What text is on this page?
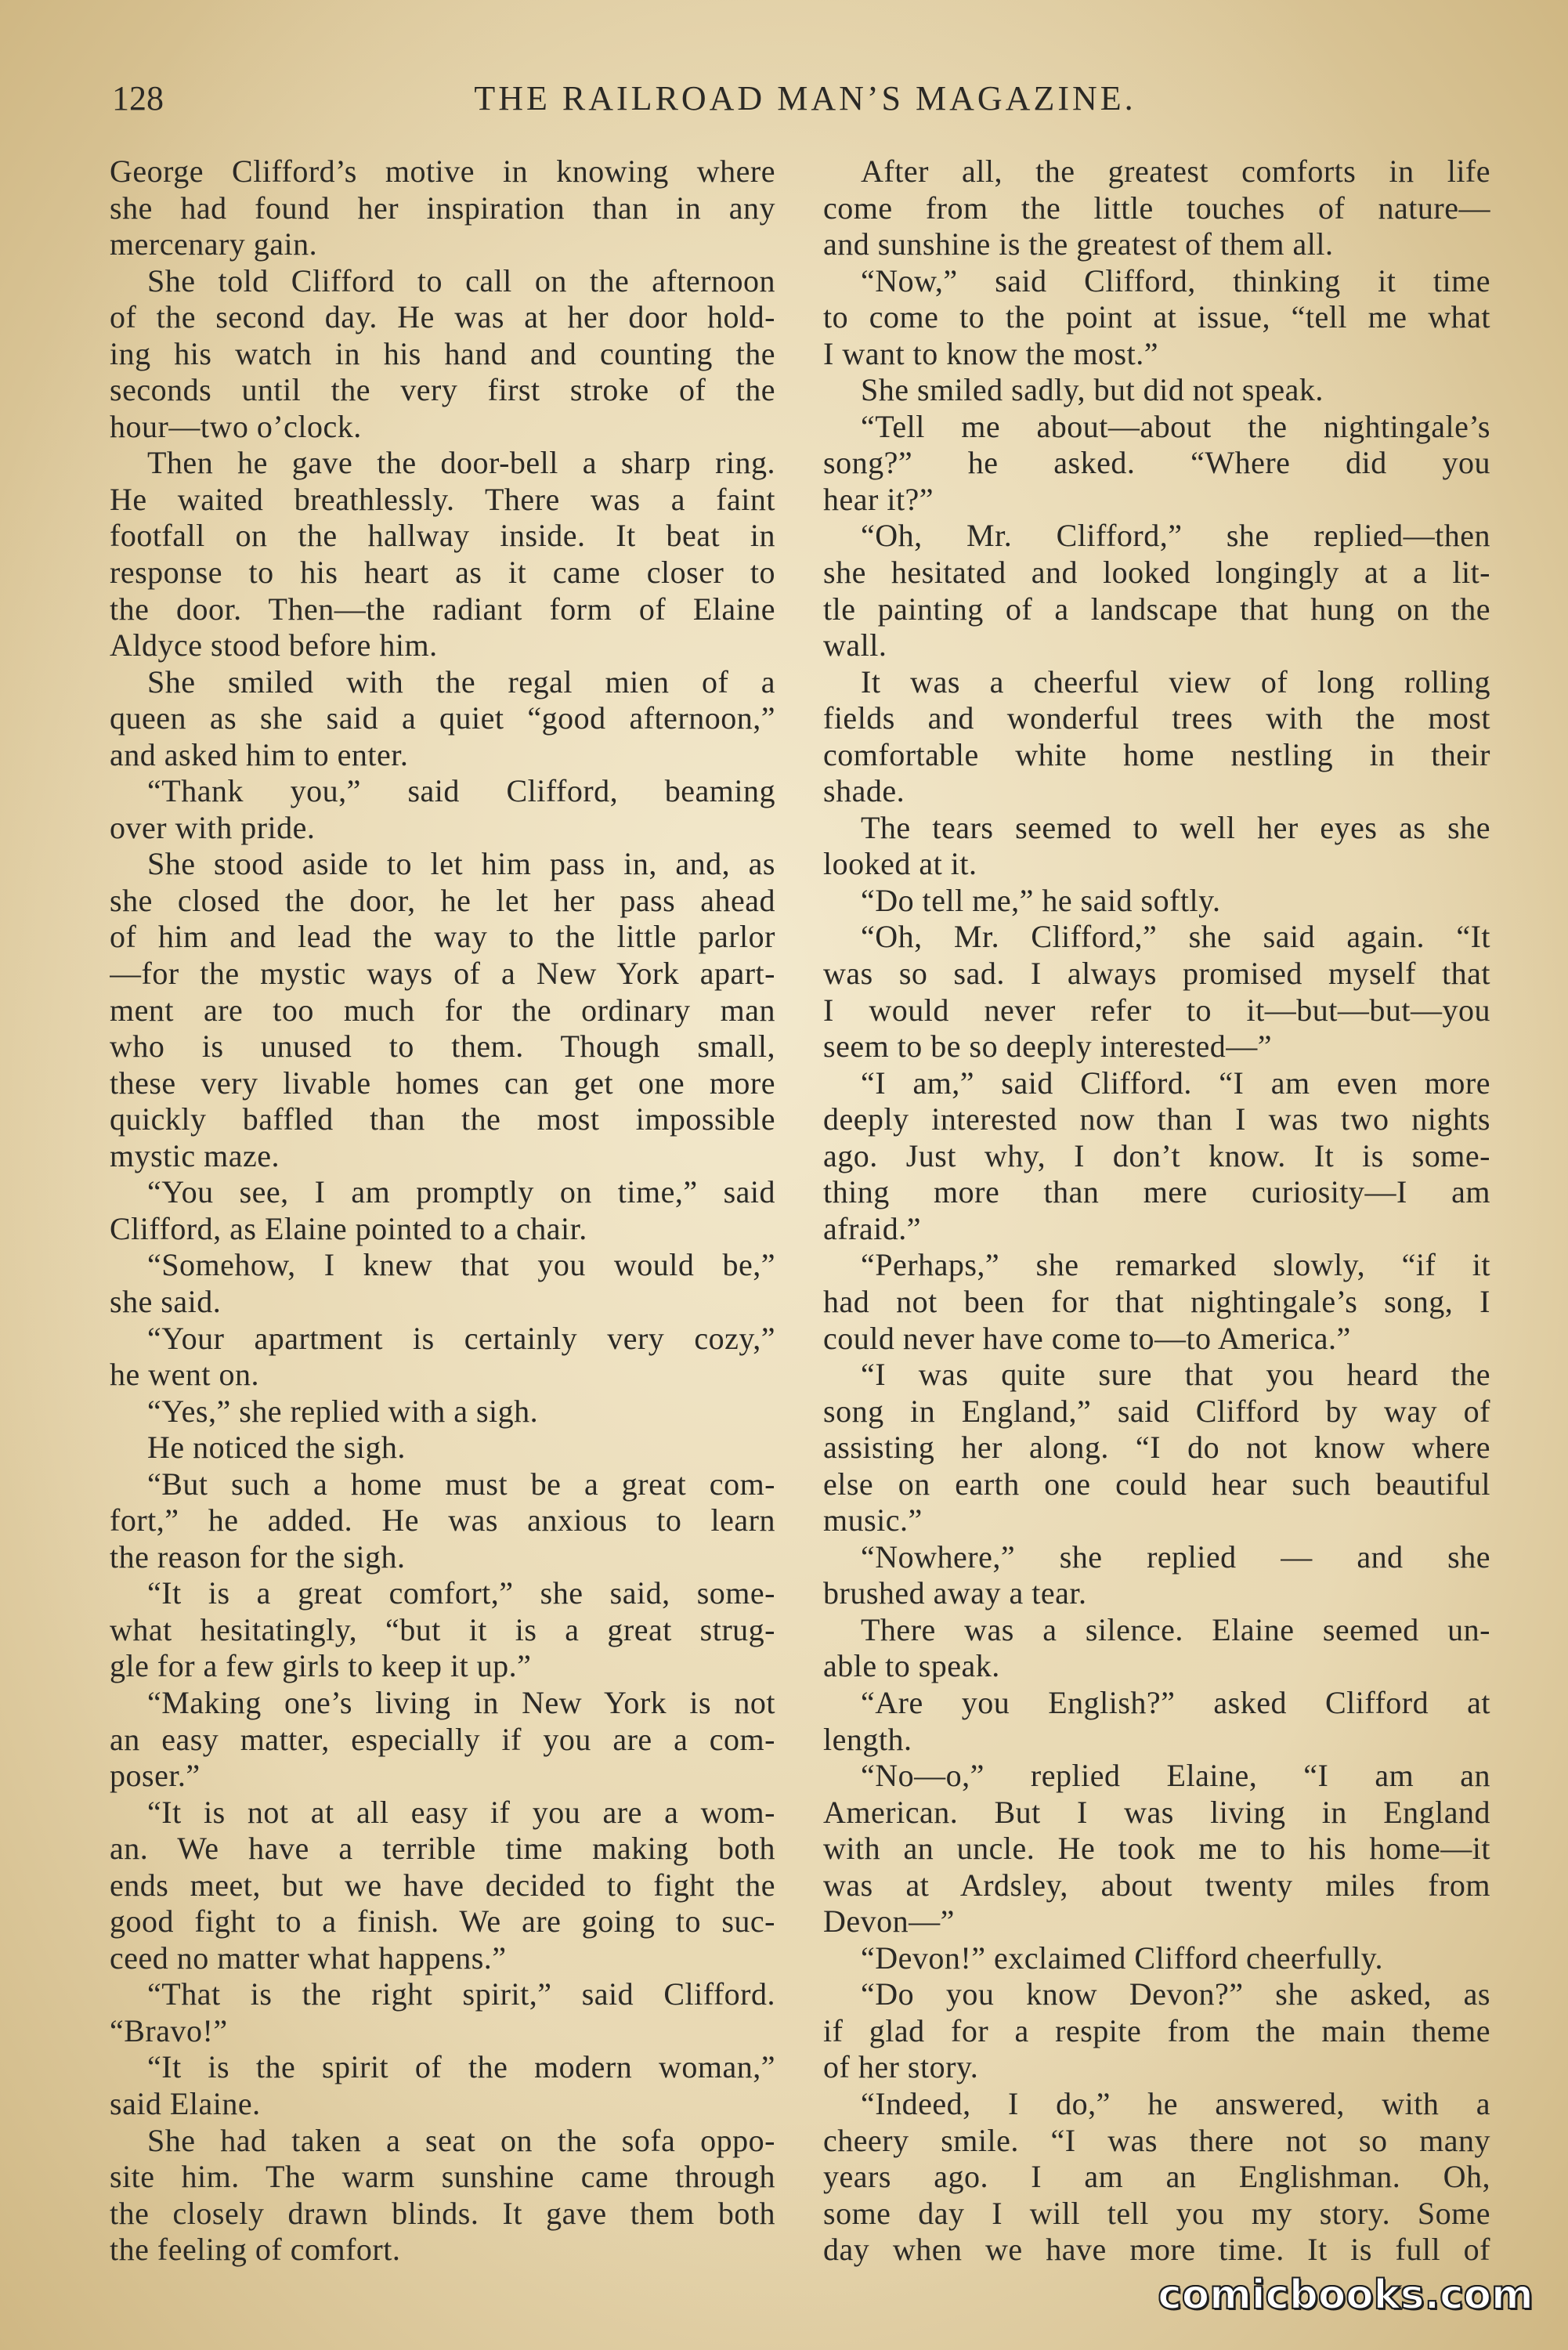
128	THE RAILROAD MAN’S MAGAZINE.
George Clifford’s motive in knowing where
she had found her inspiration than in any
mercenary gain.
She told Clifford to call on the afternoon
of the second day. He was at her door hold-
ing his watch in his hand and counting the
seconds until the very first stroke of the
hour—two o’clock.
Then he gave the door-bell a sharp ring.
He waited breathlessly. There was a faint
footfall on the hallway inside. It beat in
response to his heart as it came closer to
the door. Then—the radiant form of Elaine
Aldyce stood before him.
She smiled with the regal mien of a
queen as she said a quiet “good afternoon,”
and asked him to enter.
“Thank you,” said Clifford, beaming
over with pride.
She stood aside to let him pass in, and, as
she closed the door, he let her pass ahead
of him and lead the way to the little parlor
—for the mystic ways of a New York apart-
ment are too much for the ordinary man
who is unused to them. Though small,
these very livable homes can get one more
quickly baffled than the most impossible
mystic maze.
“You see, I am promptly on time,” said
Clifford, as Elaine pointed to a chair.
“Somehow, I knew that you would be,”
she said.
“Your apartment is certainly very cozy,”
he went on.
“Yes,” she replied with a sigh.
He noticed the sigh.
“But such a home must be a great com-
fort,” he added. He was anxious to learn
the reason for the sigh.
“It is a great comfort,” she said, some-
what hesitatingly, “but it is a great strug-
gle for a few girls to keep it up.”
“Making one’s living in New York is not
an easy matter, especially if you are a com-
poser.”
“It is not at all easy if you are a wom-
an. We have a terrible time making both
ends meet, but we have decided to fight the
good fight to a finish. We are going to suc-
ceed no matter what happens.”
“That is the right spirit,” said Clifford.
“Bravo!”
“It is the spirit of the modern woman,”
said Elaine.
She had taken a seat on the sofa oppo-
site him. The warm sunshine came through
the closely drawn blinds. It gave them both
the feeling of comfort.
After all, the greatest comforts in life
come from the little touches of nature—
and sunshine is the greatest of them all.
“Now,” said Clifford, thinking it time
to come to the point at issue, “tell me what
I want to know the most.”
She smiled sadly, but did not speak.
“Tell me about—about the nightingale’s
song?” he asked. “Where did you
hear it?”
“Oh, Mr. Clifford,” she replied—then
she hesitated and looked longingly at a lit-
tle painting of a landscape that hung on the
wall.
It was a cheerful view of long rolling
fields and wonderful trees with the most
comfortable white home nestling in their
shade.
The tears seemed to well her eyes as she
looked at it.
“Do tell me,” he said softly.
“Oh, Mr. Clifford,” she said again. “It
was so sad. I always promised myself that
I would never refer to it—but—but—you
seem to be so deeply interested—”
“I am,” said Clifford. “I am even more
deeply interested now than I was two nights
ago. Just why, I don’t know. It is some-
thing more than mere curiosity—I am
afraid.”
“Perhaps,” she remarked slowly, “if it
had not been for that nightingale’s song, I
could never have come to—to America.”
“I was quite sure that you heard the
song in England,” said Clifford by way of
assisting her along. “I do not know where
else on earth one could hear such beautiful
music.”
“Nowhere,” she replied — and she
brushed away a tear.
There was a silence. Elaine seemed un-
able to speak.
“Are you English?” asked Clifford at
length.
“No—o,” replied Elaine, “I am an
American. But I was living in England
with an uncle. He took me to his home—it
was at Ardsley, about twenty miles from
Devon—”
“Devon!” exclaimed Clifford cheerfully.
“Do you know Devon?” she asked, as
if glad for a respite from the main theme
of her story.
“Indeed, I do,” he answered, with a
cheery smile. “I was there not so many
years ago. I am an Englishman. Oh,
some day I will tell you my story. Some
day when we have more time. It is full of
comicbooks.com
